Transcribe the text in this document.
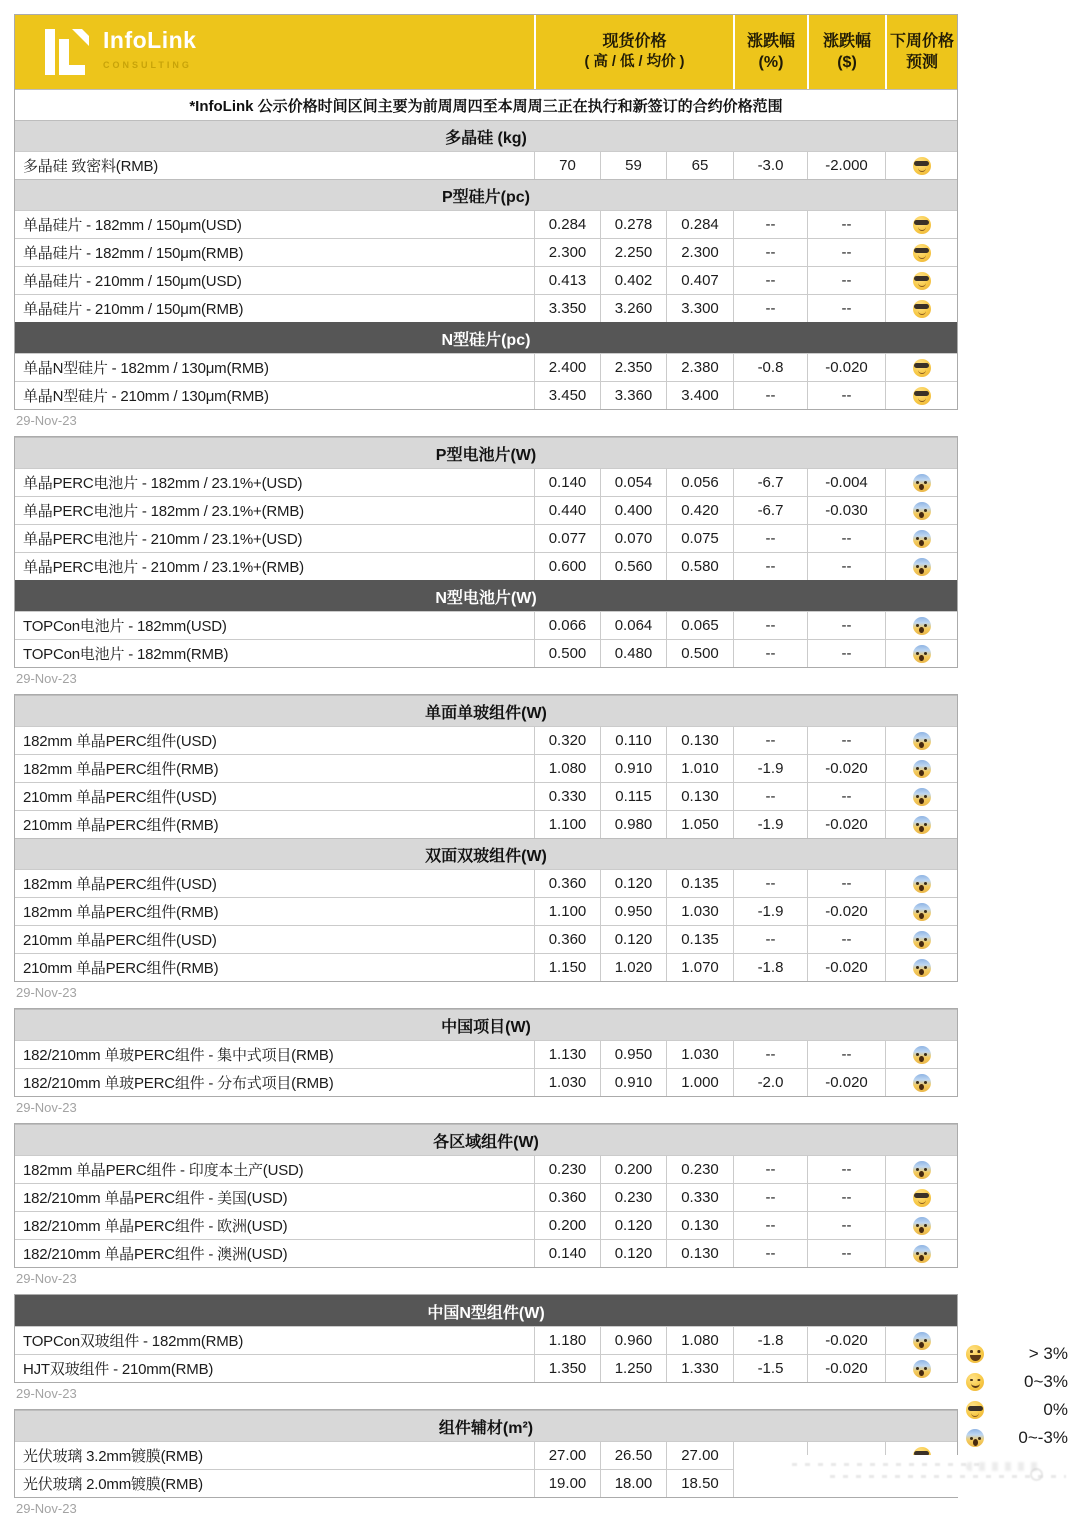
InfoLink
CONSULTING
现货价格
( 高 / 低 / 均价 )
涨跌幅
(%)
涨跌幅
($)
下周价格
预测
*InfoLink 公示价格时间区间主要为前周周四至本周周三正在执行和新签订的合约价格范围
多晶硅 (kg)
多晶硅 致密料(RMB)	70	59	65	-3.0	-2.000
P型硅片(pc)
单晶硅片 - 182mm / 150μm(USD)	0.284	0.278	0.284	--	--
单晶硅片 - 182mm / 150μm(RMB)	2.300	2.250	2.300	--	--
单晶硅片 - 210mm / 150μm(USD)	0.413	0.402	0.407	--	--
单晶硅片 - 210mm / 150μm(RMB)	3.350	3.260	3.300	--	--
N型硅片(pc)
单晶N型硅片 - 182mm / 130μm(RMB)	2.400	2.350	2.380	-0.8	-0.020
单晶N型硅片 - 210mm / 130μm(RMB)	3.450	3.360	3.400	--	--
29-Nov-23
P型电池片(W)
单晶PERC电池片 - 182mm / 23.1%+(USD)	0.140	0.054	0.056	-6.7	-0.004
单晶PERC电池片 - 182mm / 23.1%+(RMB)	0.440	0.400	0.420	-6.7	-0.030
单晶PERC电池片 - 210mm / 23.1%+(USD)	0.077	0.070	0.075	--	--
单晶PERC电池片 - 210mm / 23.1%+(RMB)	0.600	0.560	0.580	--	--
N型电池片(W)
TOPCon电池片 - 182mm(USD)	0.066	0.064	0.065	--	--
TOPCon电池片 - 182mm(RMB)	0.500	0.480	0.500	--	--
29-Nov-23
单面单玻组件(W)
182mm 单晶PERC组件(USD)	0.320	0.110	0.130	--	--
182mm 单晶PERC组件(RMB)	1.080	0.910	1.010	-1.9	-0.020
210mm 单晶PERC组件(USD)	0.330	0.115	0.130	--	--
210mm 单晶PERC组件(RMB)	1.100	0.980	1.050	-1.9	-0.020
双面双玻组件(W)
182mm 单晶PERC组件(USD)	0.360	0.120	0.135	--	--
182mm 单晶PERC组件(RMB)	1.100	0.950	1.030	-1.9	-0.020
210mm 单晶PERC组件(USD)	0.360	0.120	0.135	--	--
210mm 单晶PERC组件(RMB)	1.150	1.020	1.070	-1.8	-0.020
29-Nov-23
中国项目(W)
182/210mm 单玻PERC组件 - 集中式项目(RMB)	1.130	0.950	1.030	--	--
182/210mm 单玻PERC组件 - 分布式项目(RMB)	1.030	0.910	1.000	-2.0	-0.020
29-Nov-23
各区域组件(W)
182mm 单晶PERC组件 - 印度本土产(USD)	0.230	0.200	0.230	--	--
182/210mm 单晶PERC组件 - 美国(USD)	0.360	0.230	0.330	--	--
182/210mm 单晶PERC组件 - 欧洲(USD)	0.200	0.120	0.130	--	--
182/210mm 单晶PERC组件 - 澳洲(USD)	0.140	0.120	0.130	--	--
29-Nov-23
中国N型组件(W)
TOPCon双玻组件 - 182mm(RMB)	1.180	0.960	1.080	-1.8	-0.020
HJT双玻组件 - 210mm(RMB)	1.350	1.250	1.330	-1.5	-0.020
29-Nov-23
组件辅材(m²)
光伏玻璃 3.2mm镀膜(RMB)	27.00	26.50	27.00
光伏玻璃 2.0mm镀膜(RMB)	19.00	18.00	18.50
29-Nov-23
> 3%
0~3%
0%
0~-3%
